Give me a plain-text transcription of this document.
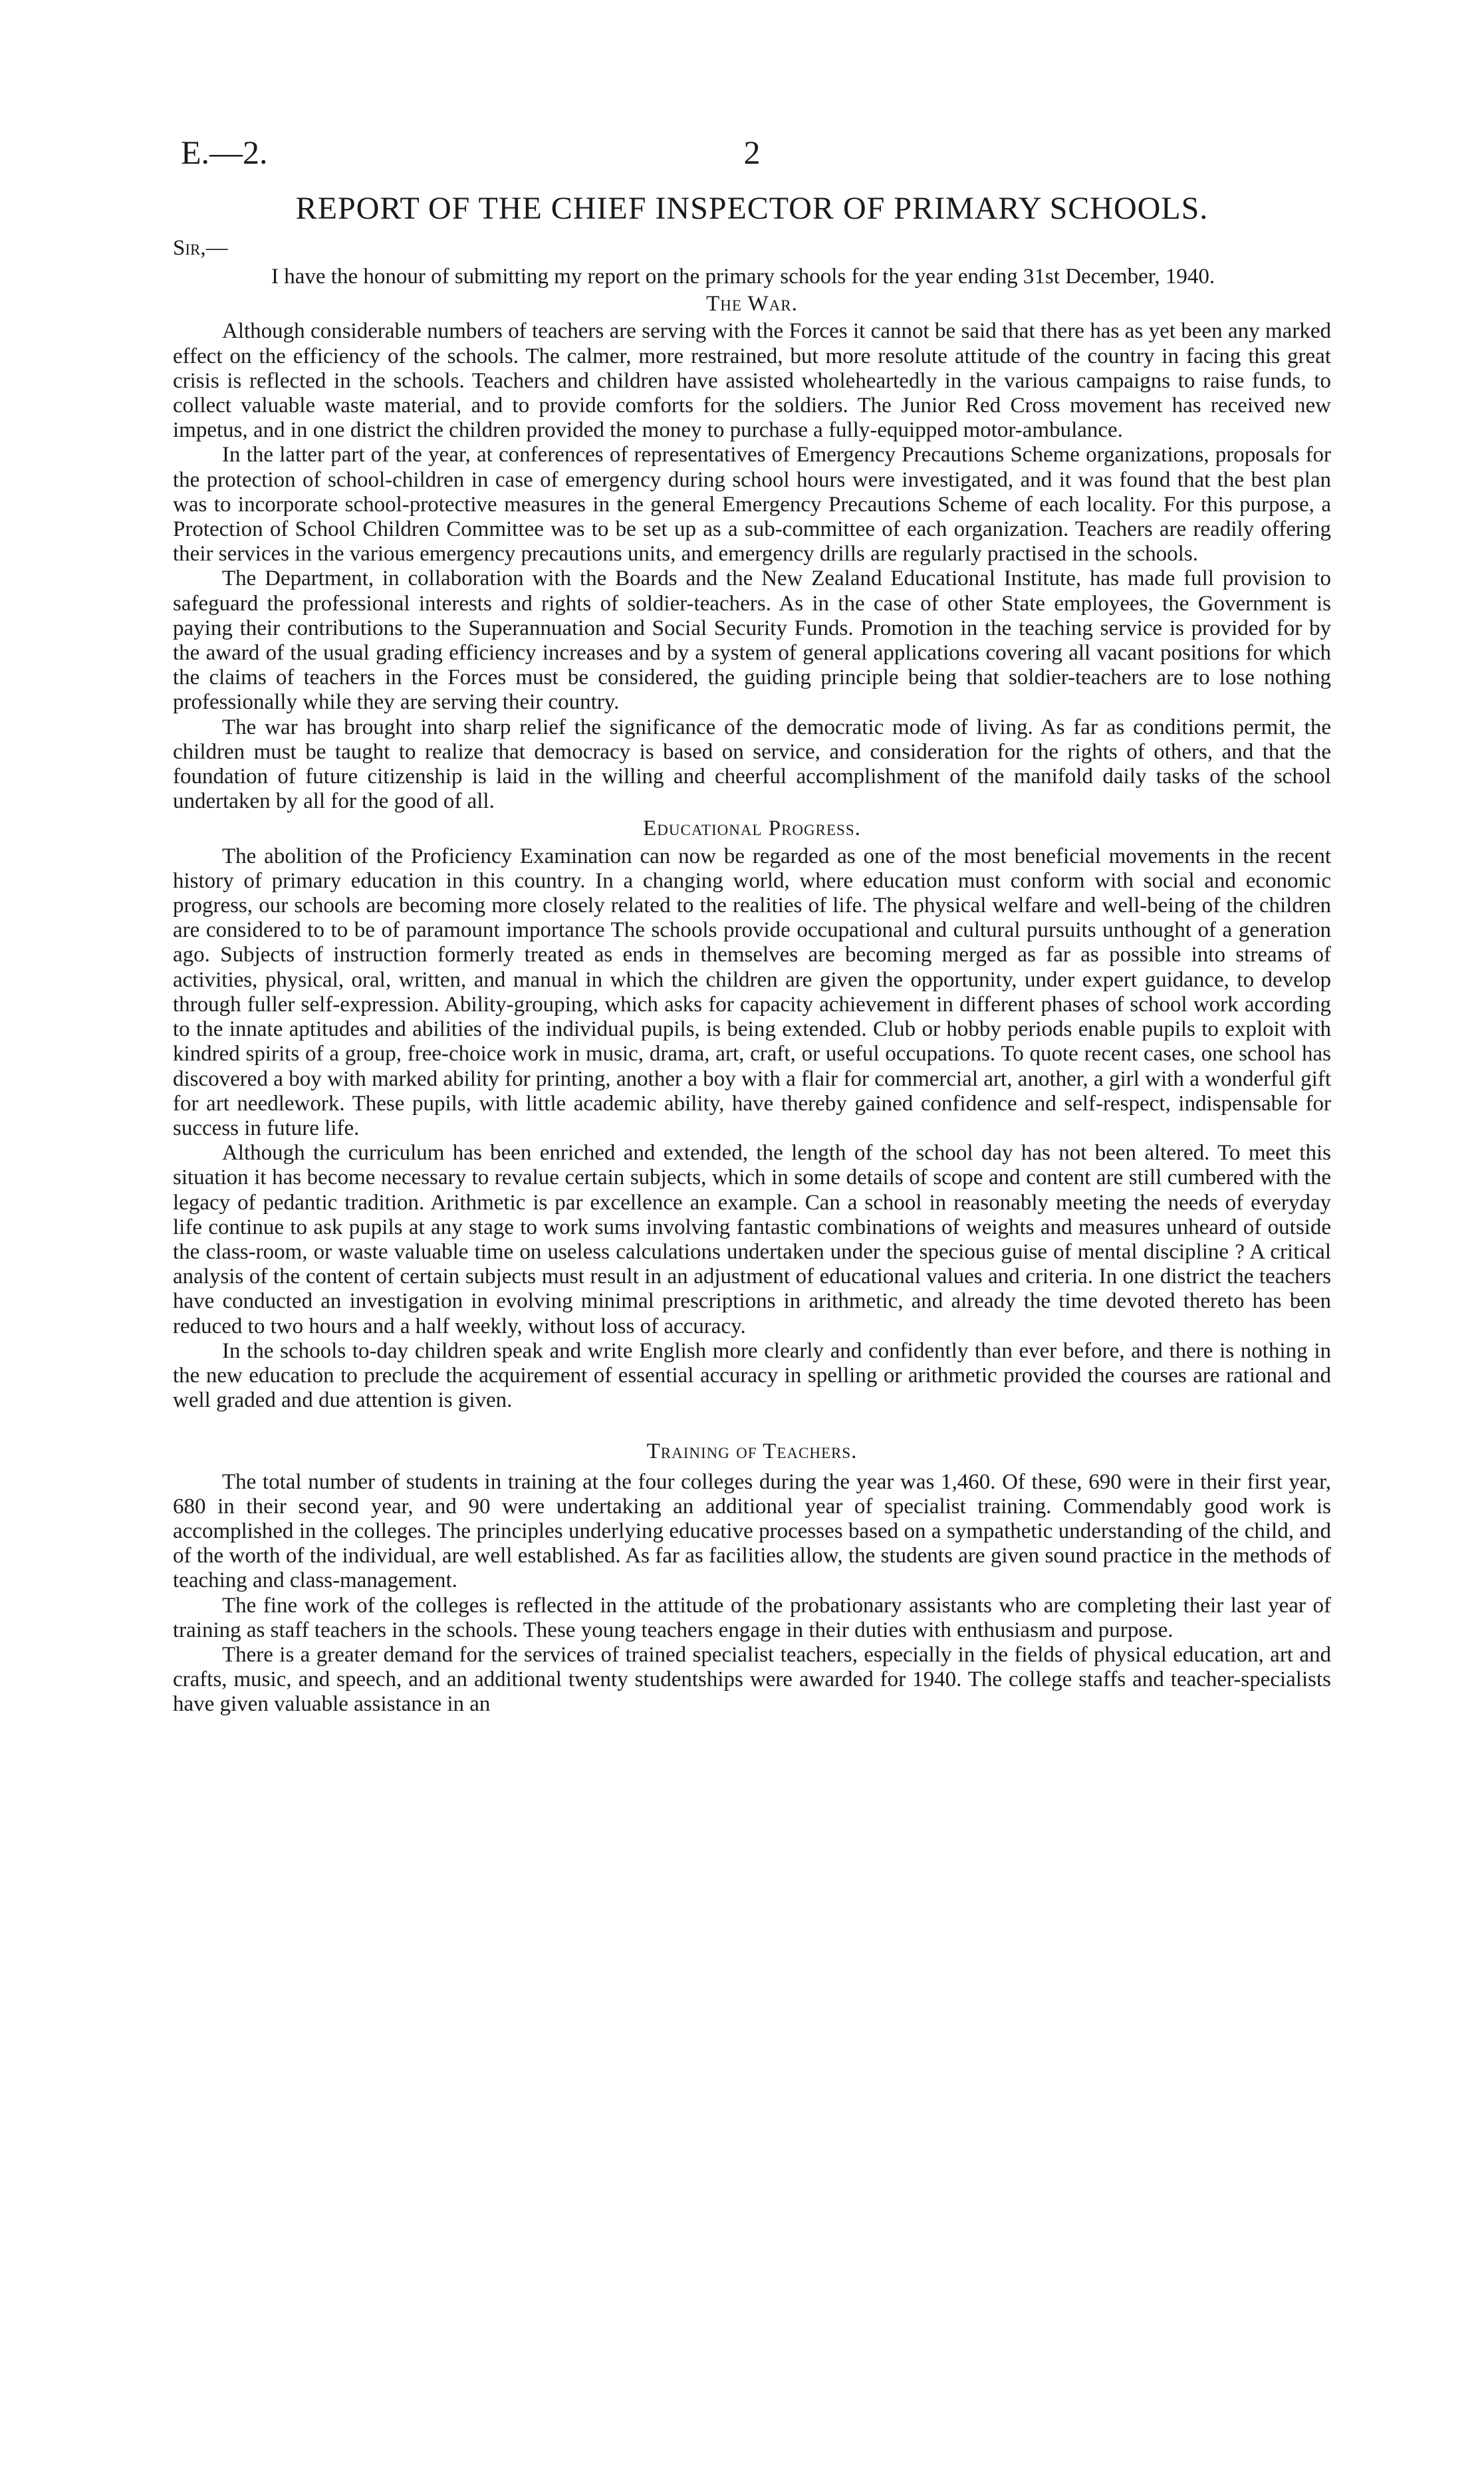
E.—2.	2
REPORT OF THE CHIEF INSPECTOR OF PRIMARY SCHOOLS.
Sir,—

I have the honour of submitting my report on the primary schools for the year ending 31st December, 1940.

The War.

Although considerable numbers of teachers are serving with the Forces it cannot be said that there has as yet been any marked effect on the efficiency of the schools. The calmer, more restrained, but more resolute attitude of the country in facing this great crisis is reflected in the schools. Teachers and children have assisted wholeheartedly in the various campaigns to raise funds, to collect valuable waste material, and to provide comforts for the soldiers. The Junior Red Cross movement has received new impetus, and in one district the children provided the money to purchase a fully-equipped motor-ambulance.

In the latter part of the year, at conferences of representatives of Emergency Precautions Scheme organizations, proposals for the protection of school-children in case of emergency during school hours were investigated, and it was found that the best plan was to incorporate school-protective measures in the general Emergency Precautions Scheme of each locality. For this purpose, a Protection of School Children Committee was to be set up as a sub-committee of each organization. Teachers are readily offering their services in the various emergency precautions units, and emergency drills are regularly practised in the schools.

The Department, in collaboration with the Boards and the New Zealand Educational Institute, has made full provision to safeguard the professional interests and rights of soldier-teachers. As in the case of other State employees, the Government is paying their contributions to the Superannuation and Social Security Funds. Promotion in the teaching service is provided for by the award of the usual grading efficiency increases and by a system of general applications covering all vacant positions for which the claims of teachers in the Forces must be considered, the guiding principle being that soldier-teachers are to lose nothing professionally while they are serving their country.

The war has brought into sharp relief the significance of the democratic mode of living. As far as conditions permit, the children must be taught to realize that democracy is based on service, and consideration for the rights of others, and that the foundation of future citizenship is laid in the willing and cheerful accomplishment of the manifold daily tasks of the school undertaken by all for the good of all.

Educational Progress.

The abolition of the Proficiency Examination can now be regarded as one of the most beneficial movements in the recent history of primary education in this country. In a changing world, where education must conform with social and economic progress, our schools are becoming more closely related to the realities of life. The physical welfare and well-being of the children are considered to to be of paramount importance The schools provide occupational and cultural pursuits unthought of a generation ago. Subjects of instruction formerly treated as ends in themselves are becoming merged as far as possible into streams of activities, physical, oral, written, and manual in which the children are given the opportunity, under expert guidance, to develop through fuller self-expression. Ability-grouping, which asks for capacity achievement in different phases of school work according to the innate aptitudes and abilities of the individual pupils, is being extended. Club or hobby periods enable pupils to exploit with kindred spirits of a group, free-choice work in music, drama, art, craft, or useful occupations. To quote recent cases, one school has discovered a boy with marked ability for printing, another a boy with a flair for commercial art, another, a girl with a wonderful gift for art needlework. These pupils, with little academic ability, have thereby gained confidence and self-respect, indispensable for success in future life.

Although the curriculum has been enriched and extended, the length of the school day has not been altered. To meet this situation it has become necessary to revalue certain subjects, which in some details of scope and content are still cumbered with the legacy of pedantic tradition. Arithmetic is par excellence an example. Can a school in reasonably meeting the needs of everyday life continue to ask pupils at any stage to work sums involving fantastic combinations of weights and measures unheard of outside the class-room, or waste valuable time on useless calculations undertaken under the specious guise of mental discipline ? A critical analysis of the content of certain subjects must result in an adjustment of educational values and criteria. In one district the teachers have conducted an investigation in evolving minimal prescriptions in arithmetic, and already the time devoted thereto has been reduced to two hours and a half weekly, without loss of accuracy.

In the schools to-day children speak and write English more clearly and confidently than ever before, and there is nothing in the new education to preclude the acquirement of essential accuracy in spelling or arithmetic provided the courses are rational and well graded and due attention is given.

Training of Teachers.

The total number of students in training at the four colleges during the year was 1,460. Of these, 690 were in their first year, 680 in their second year, and 90 were undertaking an additional year of specialist training. Commendably good work is accomplished in the colleges. The principles underlying educative processes based on a sympathetic understanding of the child, and of the worth of the individual, are well established. As far as facilities allow, the students are given sound practice in the methods of teaching and class-management.

The fine work of the colleges is reflected in the attitude of the probationary assistants who are completing their last year of training as staff teachers in the schools. These young teachers engage in their duties with enthusiasm and purpose.

There is a greater demand for the services of trained specialist teachers, especially in the fields of physical education, art and crafts, music, and speech, and an additional twenty studentships were awarded for 1940. The college staffs and teacher-specialists have given valuable assistance in an
